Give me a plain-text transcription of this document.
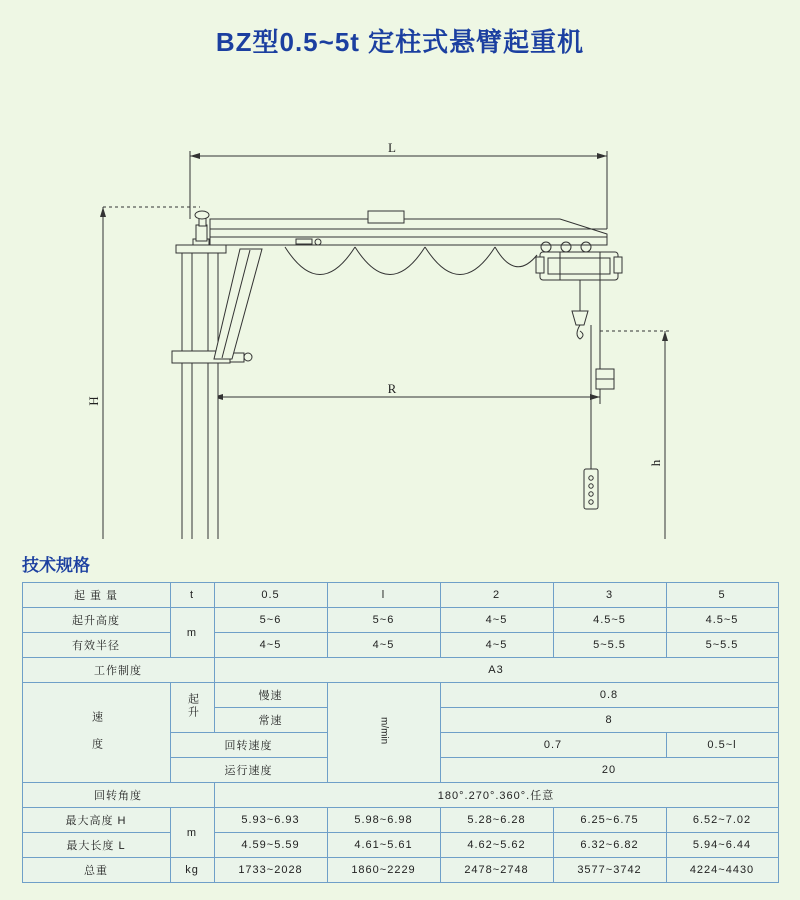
BZ型0.5~5t 定柱式悬臂起重机
L
R
H
h
技术规格
起 重 量	t	0.5	l	2	3	5
起升高度	m	5~6	5~6	4~5	4.5~5	4.5~5
有效半径		4~5	4~5	4~5	5~5.5	5~5.5
工作制度		A3				
速 度	起升	慢速	m/min	0.8		
		常速		8		
	回转速度			0.7		0.5~l
	运行速度			20		
回转角度		180°.270°.360°.任意				
最大高度 H	m	5.93~6.93	5.98~6.98	5.28~6.28	6.25~6.75	6.52~7.02
最大长度 L		4.59~5.59	4.61~5.61	4.62~5.62	6.32~6.82	5.94~6.44
总重	kg	1733~2028	1860~2229	2478~2748	3577~3742	4224~4430
